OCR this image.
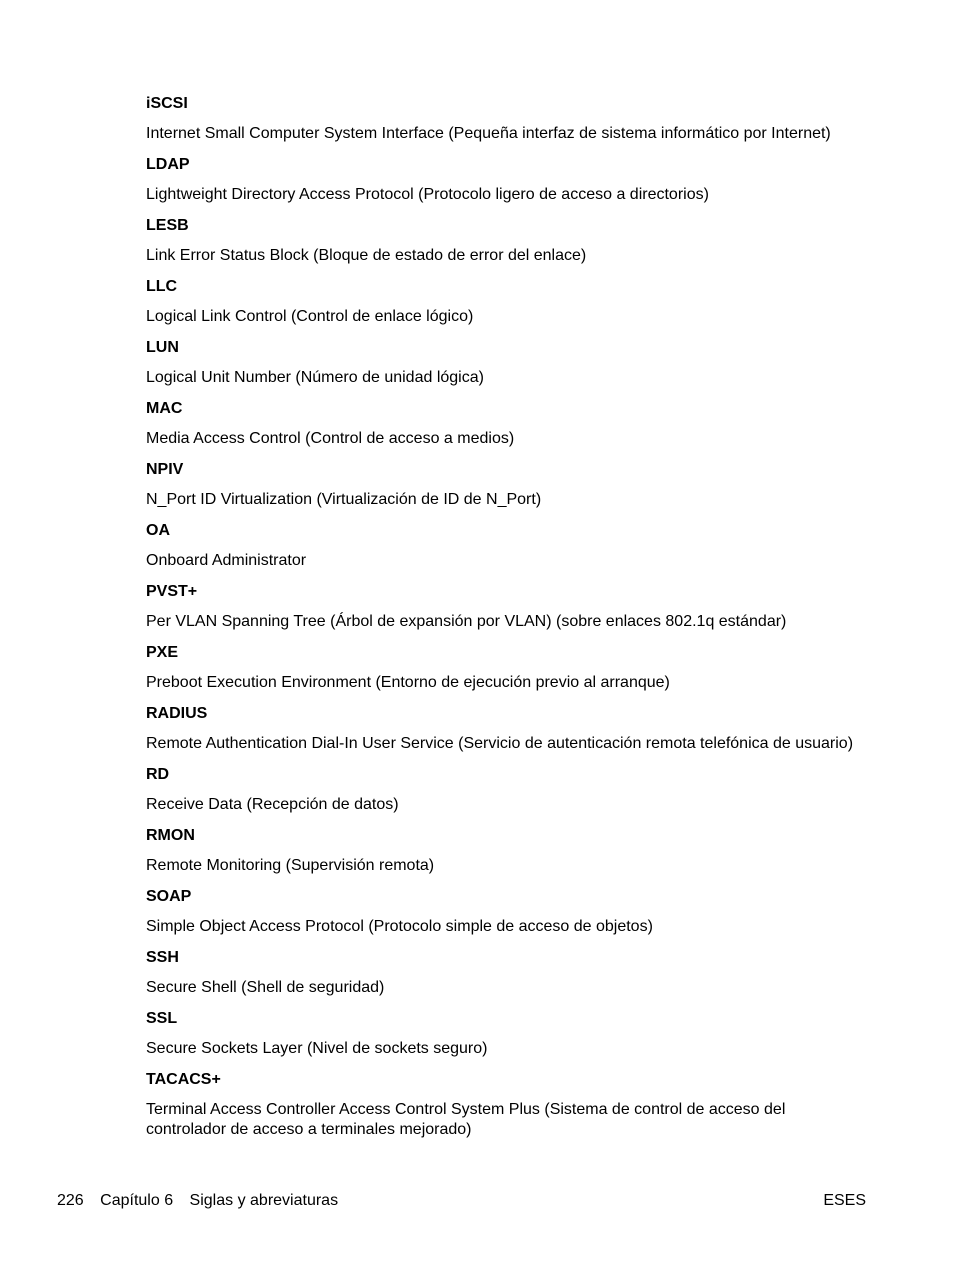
iSCSI
Internet Small Computer System Interface (Pequeña interfaz de sistema informático por Internet)
LDAP
Lightweight Directory Access Protocol (Protocolo ligero de acceso a directorios)
LESB
Link Error Status Block (Bloque de estado de error del enlace)
LLC
Logical Link Control (Control de enlace lógico)
LUN
Logical Unit Number (Número de unidad lógica)
MAC
Media Access Control (Control de acceso a medios)
NPIV
N_Port ID Virtualization (Virtualización de ID de N_Port)
OA
Onboard Administrator
PVST+
Per VLAN Spanning Tree (Árbol de expansión por VLAN) (sobre enlaces 802.1q estándar)
PXE
Preboot Execution Environment (Entorno de ejecución previo al arranque)
RADIUS
Remote Authentication Dial-In User Service (Servicio de autenticación remota telefónica de usuario)
RD
Receive Data (Recepción de datos)
RMON
Remote Monitoring (Supervisión remota)
SOAP
Simple Object Access Protocol (Protocolo simple de acceso de objetos)
SSH
Secure Shell (Shell de seguridad)
SSL
Secure Sockets Layer (Nivel de sockets seguro)
TACACS+
Terminal Access Controller Access Control System Plus (Sistema de control de acceso del controlador de acceso a terminales mejorado)
226 Capítulo 6 Siglas y abreviaturas	ESES
